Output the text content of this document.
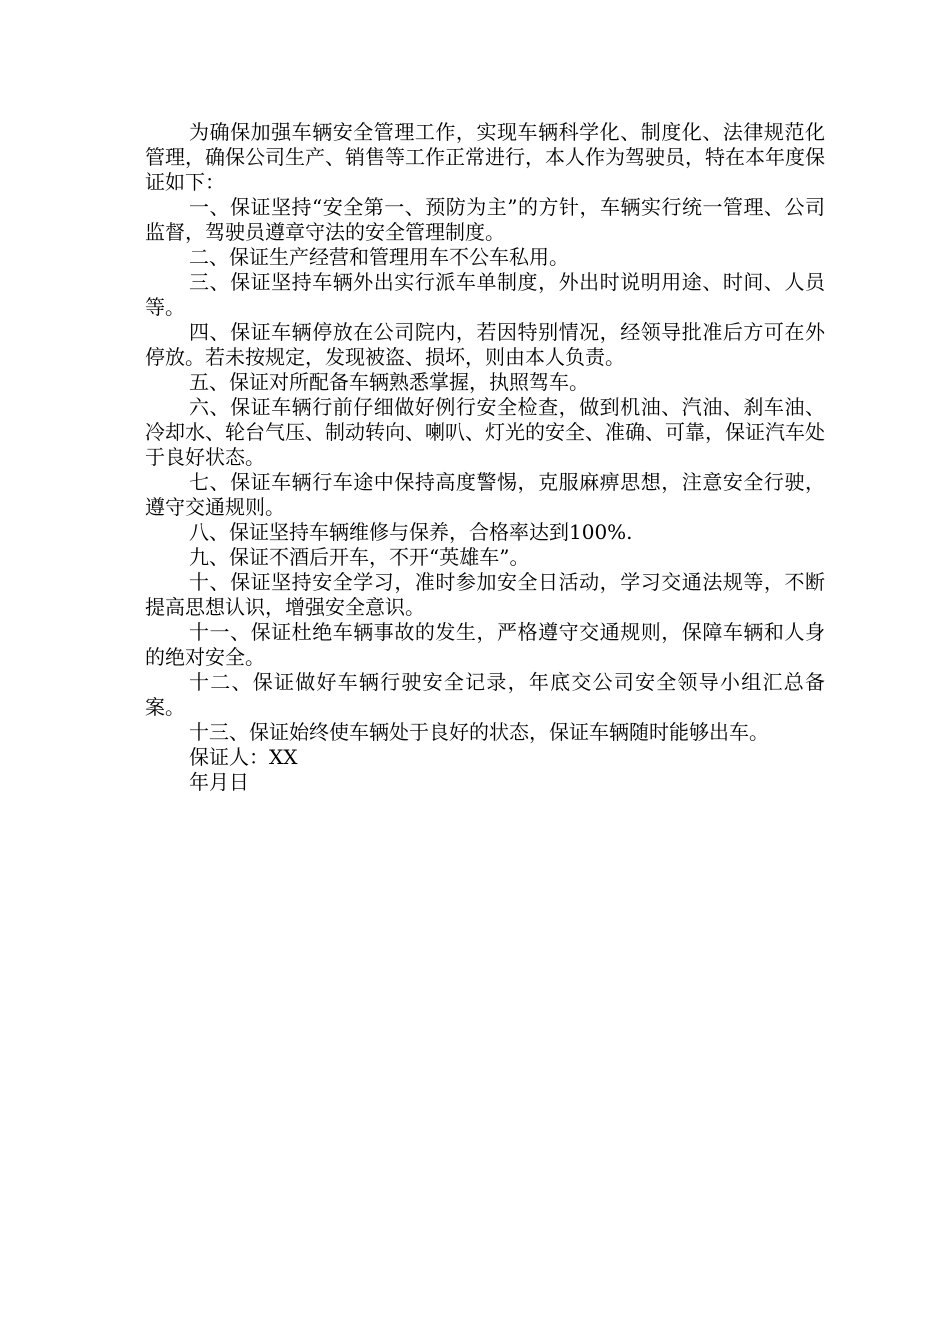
为确保加强车辆安全管理工作，实现车辆科学化、制度化、法律规范化管理，确保公司生产、销售等工作正常进行，本人作为驾驶员，特在本年度保证如下：

一、保证坚持“安全第一、预防为主”的方针，车辆实行统一管理、公司监督，驾驶员遵章守法的安全管理制度。

二、保证生产经营和管理用车不公车私用。

三、保证坚持车辆外出实行派车单制度，外出时说明用途、时间、人员等。

四、保证车辆停放在公司院内，若因特别情况，经领导批准后方可在外停放。若未按规定，发现被盗、损坏，则由本人负责。

五、保证对所配备车辆熟悉掌握，执照驾车。

六、保证车辆行前仔细做好例行安全检查，做到机油、汽油、刹车油、冷却水、轮台气压、制动转向、喇叭、灯光的安全、准确、可靠，保证汽车处于良好状态。

七、保证车辆行车途中保持高度警惕，克服麻痹思想，注意安全行驶，遵守交通规则。

八、保证坚持车辆维修与保养，合格率达到100%.

九、保证不酒后开车，不开“英雄车”。

十、保证坚持安全学习，准时参加安全日活动，学习交通法规等，不断提高思想认识，增强安全意识。

十一、保证杜绝车辆事故的发生，严格遵守交通规则，保障车辆和人身的绝对安全。

十二、保证做好车辆行驶安全记录，年底交公司安全领导小组汇总备案。

十三、保证始终使车辆处于良好的状态，保证车辆随时能够出车。

保证人：XX

年月日
